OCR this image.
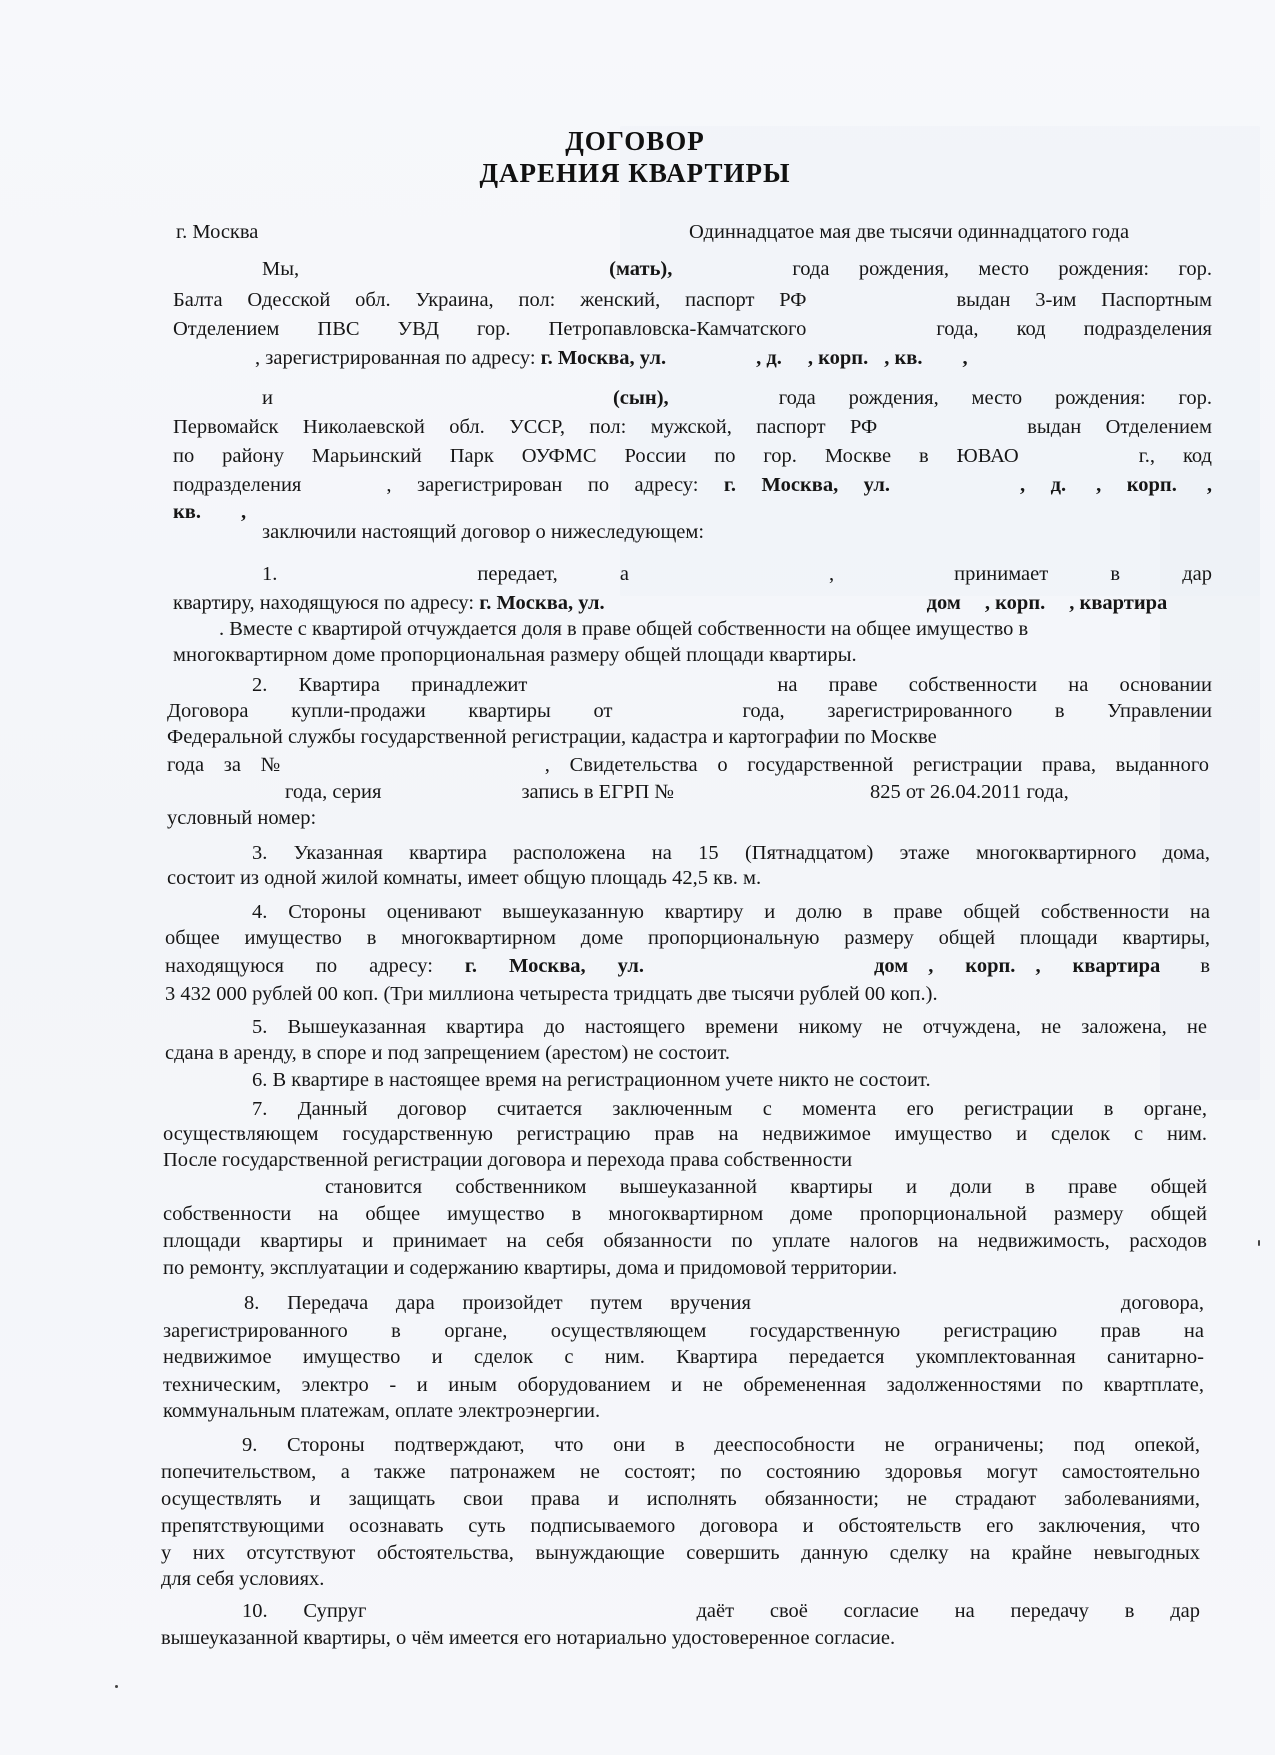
ДОГОВОР
ДАРЕНИЯ КВАРТИРЫ
г. Москва	Одиннадцатое мая две тысячи одиннадцатого года
Мы,	(мать),	года рождения, место рождения: гор.
Балта Одесской обл. Украина, пол: женский, паспорт РФ	выдан 3-им Паспортным
Отделением ПВС УВД гор. Петропавловска-Камчатского	года, код подразделения
, зарегистрированная по адресу: г. Москва, ул.	, д. , корп. , кв. ,
и	(сын),	года рождения, место рождения: гор.
Первомайск Николаевской обл. УССР, пол: мужской, паспорт РФ	выдан Отделением
по району Марьинский Парк ОУФМС России по гор. Москве в ЮВАО	г., код
подразделения	, зарегистрирован по адресу: г. Москва, ул.	, д. , корп. ,
кв. ,
заключили настоящий договор о нижеследующем:
1.	передает, а	,	принимает в дар
квартиру, находящуюся по адресу: г. Москва, ул.	дом , корп. , квартира
. Вместе с квартирой отчуждается доля в праве общей собственности на общее имущество в
многоквартирном доме пропорциональная размеру общей площади квартиры.
2. Квартира принадлежит	на праве собственности на основании
Договора купли-продажи квартиры от	года, зарегистрированного в Управлении
Федеральной службы государственной регистрации, кадастра и картографии по Москве
года за №	, Свидетельства о государственной регистрации права, выданного
года, серия	запись в ЕГРП №	825 от 26.04.2011 года,
условный номер:
3. Указанная квартира расположена на 15 (Пятнадцатом) этаже многоквартирного дома,
состоит из одной жилой комнаты, имеет общую площадь 42,5 кв. м.
4. Стороны оценивают вышеуказанную квартиру и долю в праве общей собственности на
общее имущество в многоквартирном доме пропорциональную размеру общей площади квартиры,
находящуюся по адресу: г. Москва, ул.	дом , корп. , квартира в
3 432 000 рублей 00 коп. (Три миллиона четыреста тридцать две тысячи рублей 00 коп.).
5. Вышеуказанная квартира до настоящего времени никому не отчуждена, не заложена, не
сдана в аренду, в споре и под запрещением (арестом) не состоит.
6. В квартире в настоящее время на регистрационном учете никто не состоит.
7. Данный договор считается заключенным с момента его регистрации в органе,
осуществляющем государственную регистрацию прав на недвижимое имущество и сделок с ним.
После государственной регистрации договора и перехода права собственности
становится собственником вышеуказанной квартиры и доли в праве общей
собственности на общее имущество в многоквартирном доме пропорциональной размеру общей
площади квартиры и принимает на себя обязанности по уплате налогов на недвижимость, расходов
по ремонту, эксплуатации и содержанию квартиры, дома и придомовой территории.
8. Передача дара произойдет путем вручения	договора,
зарегистрированного в органе, осуществляющем государственную регистрацию прав на
недвижимое имущество и сделок с ним. Квартира передается укомплектованная санитарно-
техническим, электро - и иным оборудованием и не обремененная задолженностями по квартплате,
коммунальным платежам, оплате электроэнергии.
9. Стороны подтверждают, что они в дееспособности не ограничены; под опекой,
попечительством, а также патронажем не состоят; по состоянию здоровья могут самостоятельно
осуществлять и защищать свои права и исполнять обязанности; не страдают заболеваниями,
препятствующими осознавать суть подписываемого договора и обстоятельств его заключения, что
у них отсутствуют обстоятельства, вынуждающие совершить данную сделку на крайне невыгодных
для себя условиях.
10. Супруг	даёт своё согласие на передачу в дар
вышеуказанной квартиры, о чём имеется его нотариально удостоверенное согласие.
